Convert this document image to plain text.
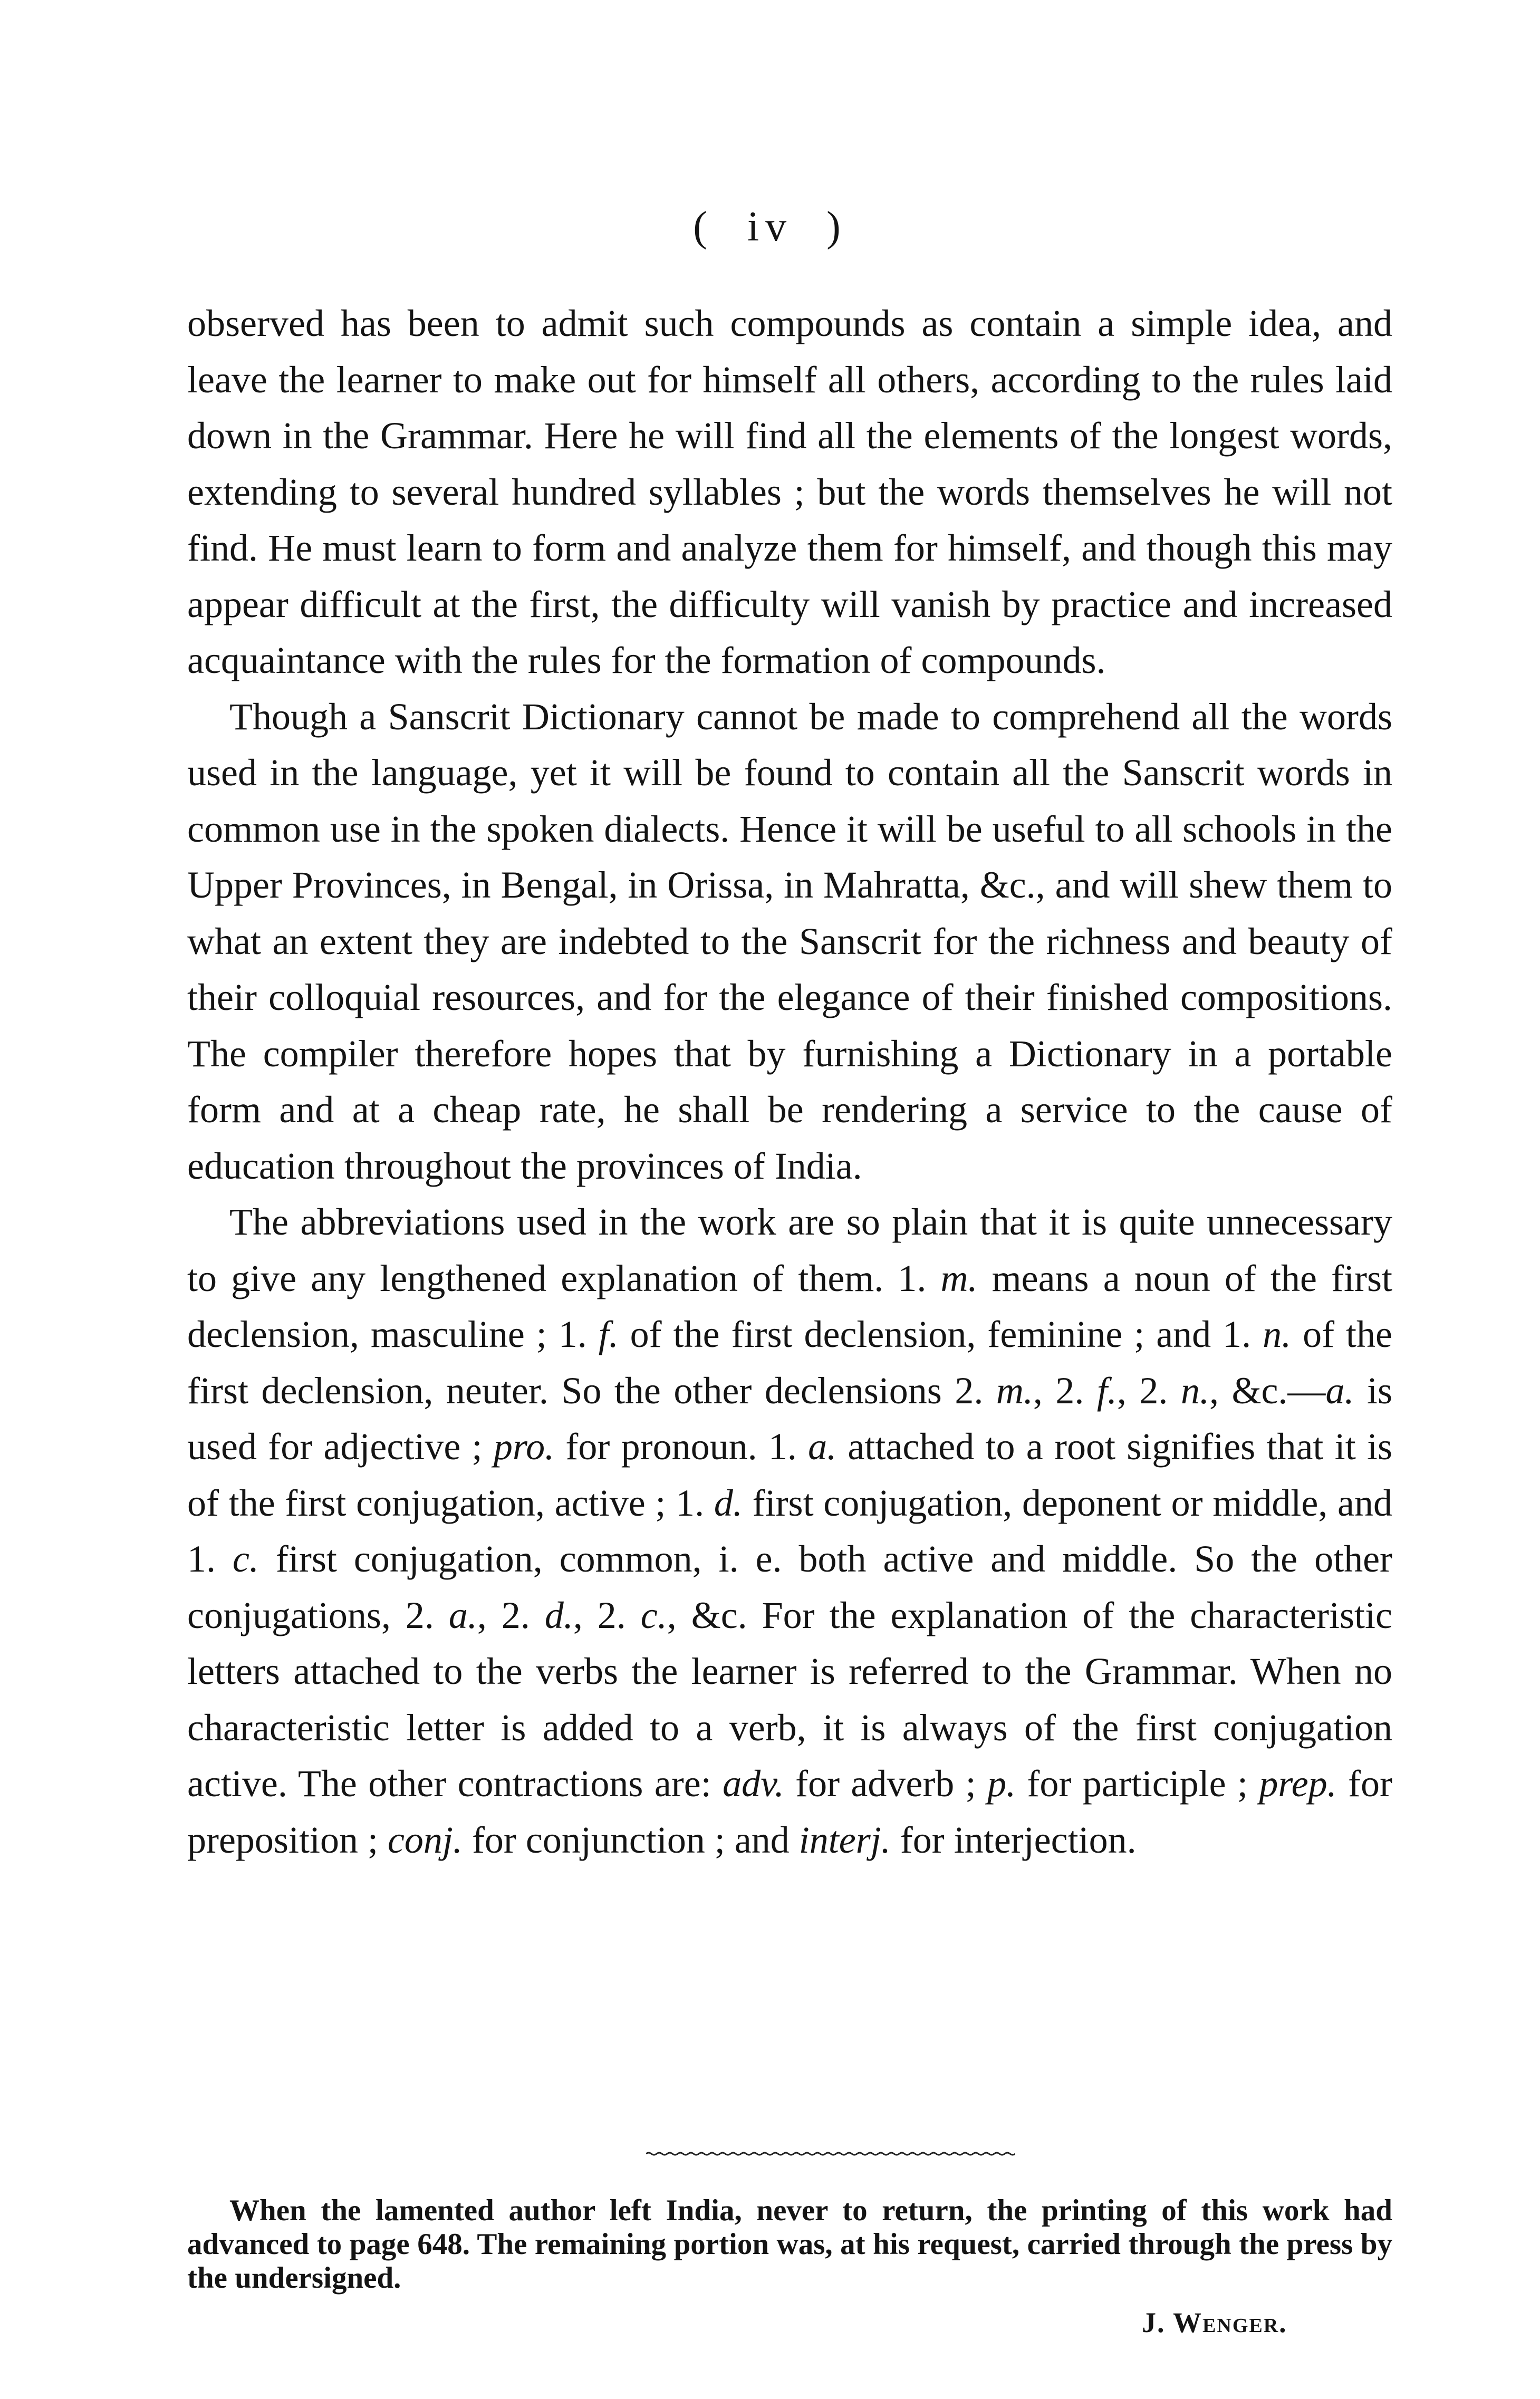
(  iv  )

observed has been to admit such compounds as contain a simple idea, and leave the learner to make out for himself all others, according to the rules laid down in the Grammar. Here he will find all the elements of the longest words, extending to several hundred syllables ; but the words themselves he will not find. He must learn to form and analyze them for himself, and though this may appear difficult at the first, the difficulty will vanish by practice and increased acquaintance with the rules for the formation of compounds.

Though a Sanscrit Dictionary cannot be made to comprehend all the words used in the language, yet it will be found to contain all the Sanscrit words in common use in the spoken dialects. Hence it will be useful to all schools in the Upper Provinces, in Bengal, in Orissa, in Mahratta, &c., and will shew them to what an extent they are indebted to the Sanscrit for the richness and beauty of their colloquial resources, and for the elegance of their finished compositions. The compiler therefore hopes that by furnishing a Dictionary in a portable form and at a cheap rate, he shall be rendering a service to the cause of education throughout the provinces of India.

The abbreviations used in the work are so plain that it is quite unnecessary to give any lengthened explanation of them. 1. m. means a noun of the first declension, masculine ; 1. f. of the first declension, feminine ; and 1. n. of the first declension, neuter. So the other declensions 2. m., 2. f., 2. n., &c.—a. is used for adjective ; pro. for pronoun. 1. a. attached to a root signifies that it is of the first conjugation, active ; 1. d. first conjugation, deponent or middle, and 1. c. first conjugation, common, i. e. both active and middle. So the other conjugations, 2. a., 2. d., 2. c., &c. For the explanation of the characteristic letters attached to the verbs the learner is referred to the Grammar. When no characteristic letter is added to a verb, it is always of the first conjugation active. The other contractions are: adv. for adverb ; p. for participle ; prep. for preposition ; conj. for conjunction ; and interj. for interjection.

When the lamented author left India, never to return, the printing of this work had advanced to page 648. The remaining portion was, at his request, carried through the press by the undersigned.

J. Wenger.
